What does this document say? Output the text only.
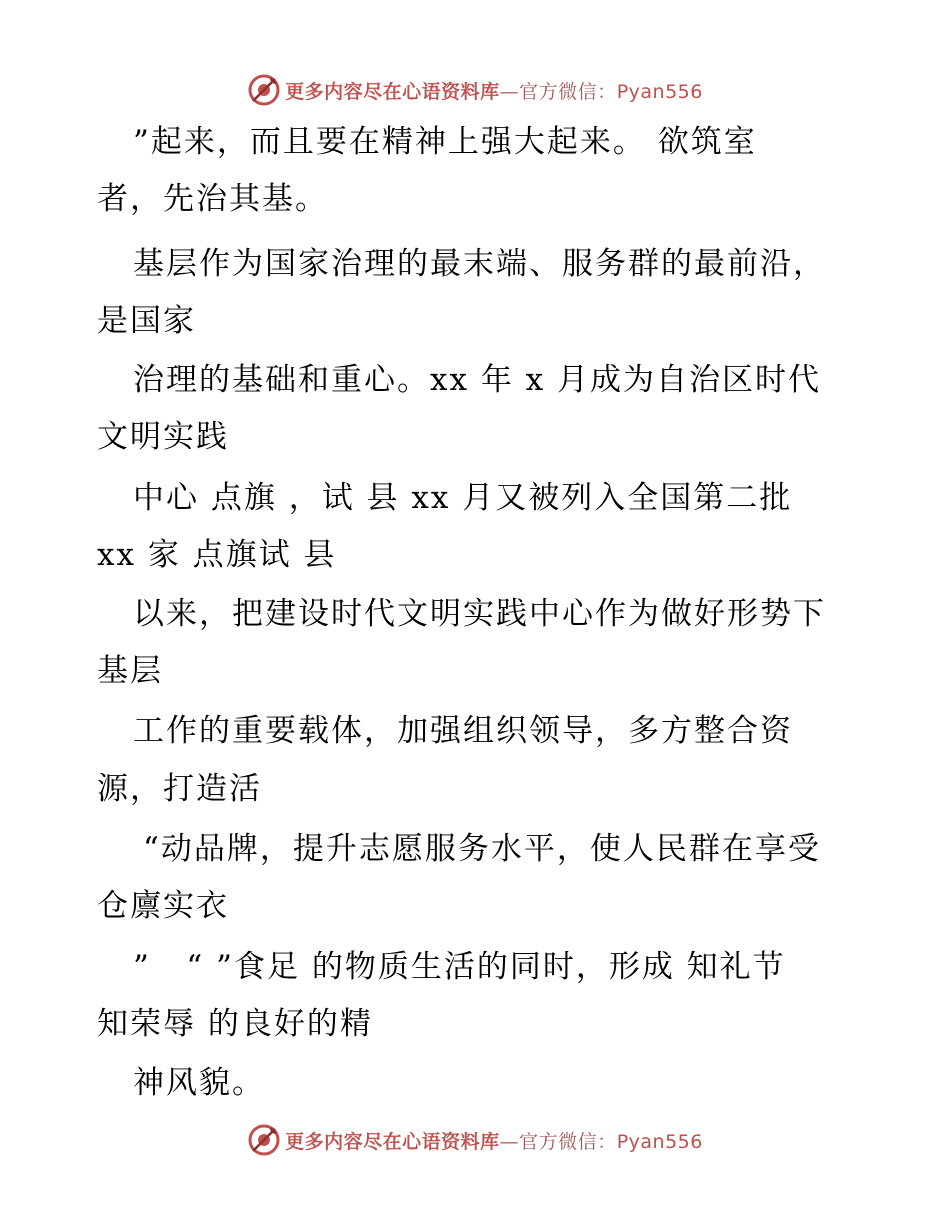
更多内容尽在心语资料库—官方微信：Pyan556
”起来，而且要在精神上强大起来。 欲筑室
者，先治其基。
基层作为国家治理的最末端、服务群的最前沿，
是国家
治理的基础和重心。xx 年 x 月成为自治区时代
文明实践
中心 点旗 ，试 县 xx 月又被列入全国第二批
xx 家 点旗试 县
以来，把建设时代文明实践中心作为做好形势下
基层
工作的重要载体，加强组织领导，多方整合资
源，打造活
“动品牌，提升志愿服务水平，使人民群在享受
仓廪实衣
”   “ ”食足 的物质生活的同时，形成 知礼节
知荣辱 的良好的精
神风貌。
更多内容尽在心语资料库—官方微信：Pyan556
